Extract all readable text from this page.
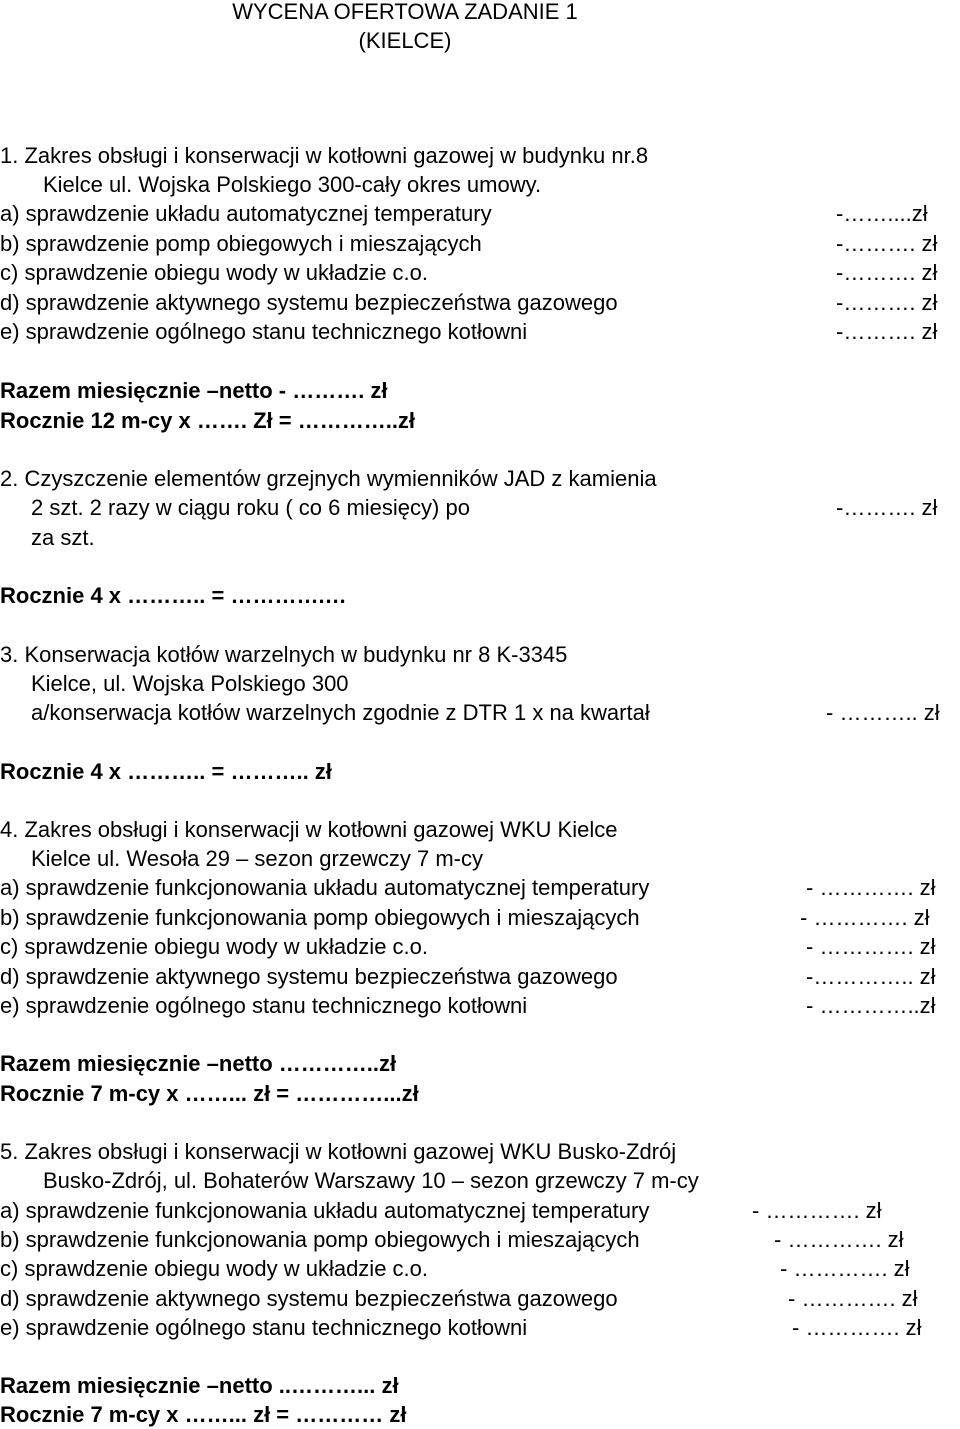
WYCENA OFERTOWA ZADANIE 1
(KIELCE)
1. Zakres obsługi i konserwacji w kotłowni gazowej w budynku nr.8
Kielce ul. Wojska Polskiego 300-cały okres umowy.
a) sprawdzenie układu automatycznej temperatury	-……....zł
b) sprawdzenie pomp obiegowych i mieszających	-………. zł
c) sprawdzenie obiegu wody w układzie c.o.	-………. zł
d) sprawdzenie aktywnego systemu bezpieczeństwa gazowego	-………. zł
e) sprawdzenie ogólnego stanu technicznego kotłowni	-………. zł
Razem miesięcznie –netto - ………. zł
Rocznie 12 m-cy x ……. Zł = …………..zł
2. Czyszczenie elementów grzejnych wymienników JAD z kamienia
2 szt. 2 razy w ciągu roku ( co 6 miesięcy) po	-………. zł
za szt.
Rocznie 4 x ……….. = ………….…
3. Konserwacja kotłów warzelnych w budynku nr 8 K-3345
Kielce, ul. Wojska Polskiego 300
a/konserwacja kotłów warzelnych zgodnie z DTR 1 x na kwartał	- ……….. zł
Rocznie 4 x ……….. = ……….. zł
4. Zakres obsługi i konserwacji w kotłowni gazowej WKU Kielce
Kielce ul. Wesoła 29 – sezon grzewczy 7 m-cy
a) sprawdzenie funkcjonowania układu automatycznej temperatury	- …………. zł
b) sprawdzenie funkcjonowania pomp obiegowych i mieszających	- …………. zł
c) sprawdzenie obiegu wody w układzie c.o.	- …………. zł
d) sprawdzenie aktywnego systemu bezpieczeństwa gazowego	-………….. zł
e) sprawdzenie ogólnego stanu technicznego kotłowni	- …………..zł
Razem miesięcznie –netto …………..zł
Rocznie 7 m-cy x ……... zł = …………...zł
5. Zakres obsługi i konserwacji w kotłowni gazowej WKU Busko-Zdrój
Busko-Zdrój, ul. Bohaterów Warszawy 10 – sezon grzewczy 7 m-cy
a) sprawdzenie funkcjonowania układu automatycznej temperatury	- …………. zł
b) sprawdzenie funkcjonowania pomp obiegowych i mieszających	- …………. zł
c) sprawdzenie obiegu wody w układzie c.o.	- …………. zł
d) sprawdzenie aktywnego systemu bezpieczeństwa gazowego	- …………. zł
e) sprawdzenie ogólnego stanu technicznego kotłowni	- …………. zł
Razem miesięcznie –netto ..………... zł
Rocznie 7 m-cy x ……... zł = ………… zł
